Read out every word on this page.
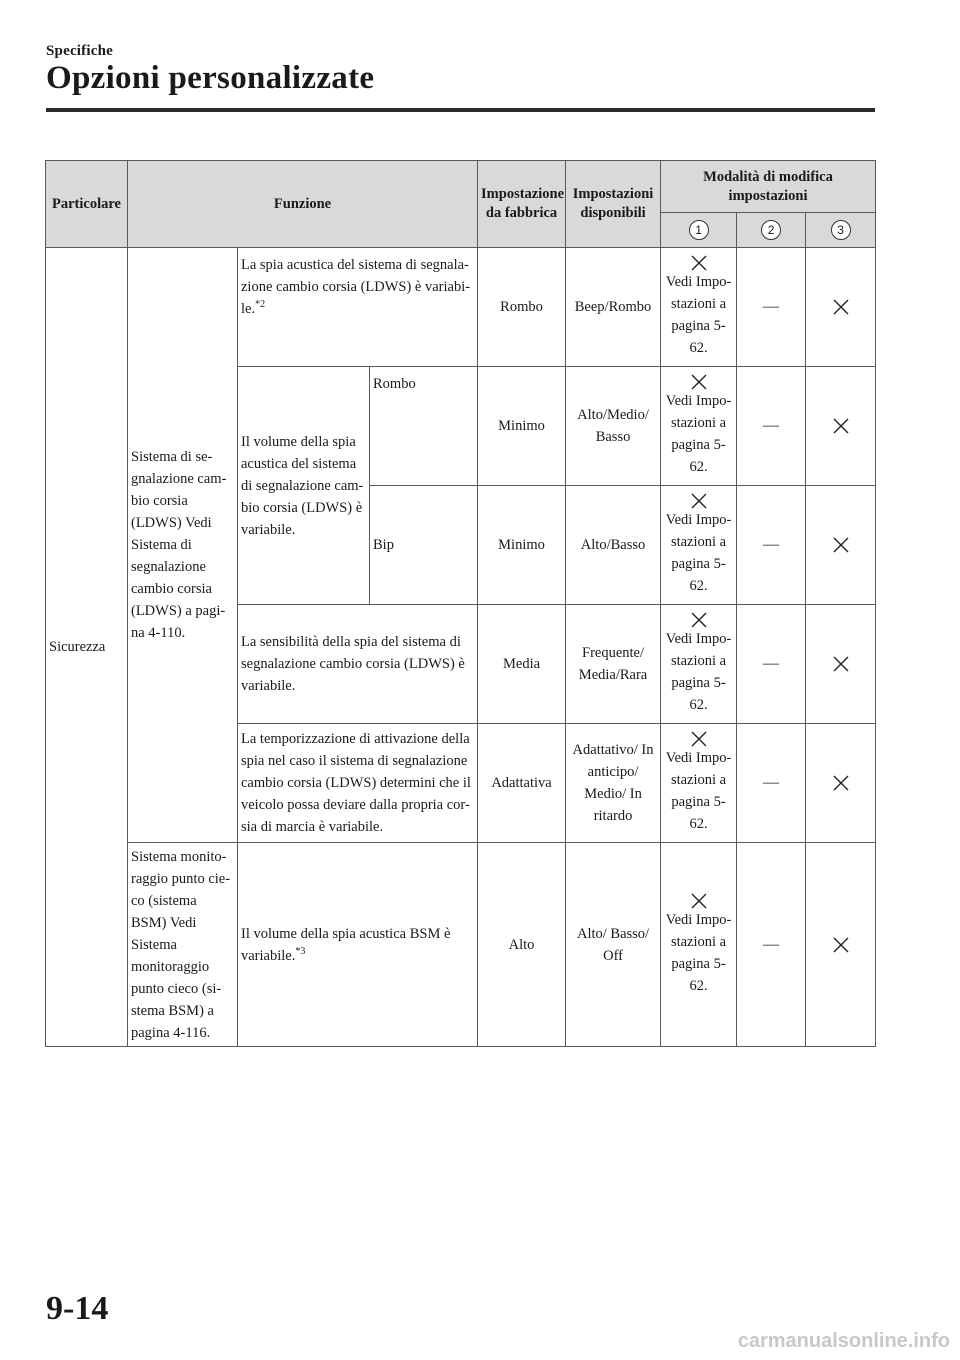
Specifiche
Opzioni personalizzate
Particolare	Funzione			Impostazione da fabbrica	Impostazioni disponibili	Modalità di modifica impostazioni		
						1	2	3
Sicurezza	Sistema di se-gnalazione cam-bio corsia (LDWS) Vedi Sistema di segnalazione cambio corsia (LDWS) a pagi-na 4-110.	La spia acustica del sistema di segnala-zione cambio corsia (LDWS) è variabi-le.$^{*2}$		Rombo	Beep/Rombo	Vedi Impo-stazioni a pagina 5-62.	—	

		Il volume della spia acustica del sistema di segnalazione cam-bio corsia (LDWS) è variabile.	Rombo	Minimo	Alto/Medio/ Basso	Vedi Impo-stazioni a pagina 5-62.	—	

			Bip	Minimo	Alto/Basso	Vedi Impo-stazioni a pagina 5-62.	—	

		La sensibilità della spia del sistema di segnalazione cambio corsia (LDWS) è variabile.		Media	Frequente/ Media/Rara	Vedi Impo-stazioni a pagina 5-62.	—	

		La temporizzazione di attivazione della spia nel caso il sistema di segnalazione cambio corsia (LDWS) determini che il veicolo possa deviare dalla propria cor-sia di marcia è variabile.		Adattativa	Adattativo/ In anticipo/ Medio/ In ritardo	Vedi Impo-stazioni a pagina 5-62.	—	

	Sistema monito-raggio punto cie-co (sistema BSM) Vedi Sistema monitoraggio punto cieco (si-stema BSM) a pagina 4-116.	Il volume della spia acustica BSM è variabile.$^{*3}$		Alto	Alto/ Basso/ Off	Vedi Impo-stazioni a pagina 5-62.	—	
9-14
carmanualsonline.info
